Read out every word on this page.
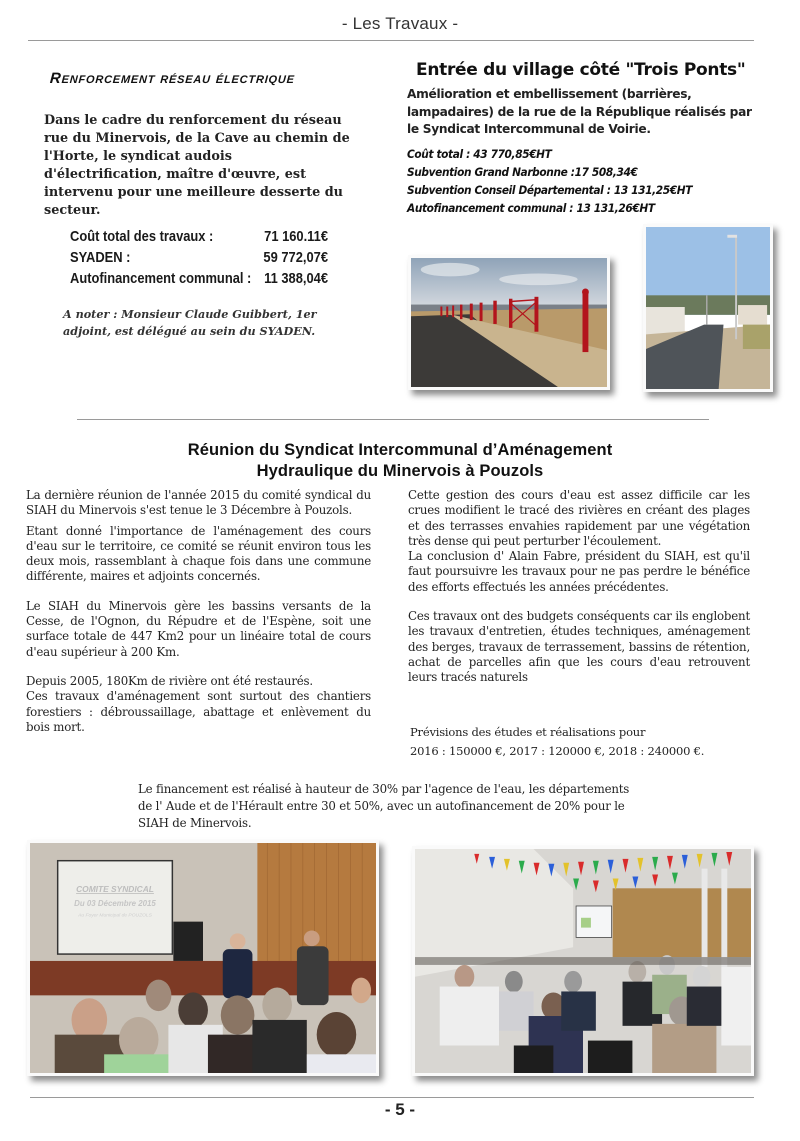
- Les Travaux -
Renforcement réseau électrique
Dans le cadre du renforcement du réseau rue du Minervois, de la Cave au chemin de l'Horte, le syndicat audois d'électrification, maître d'œuvre, est intervenu pour une meilleure desserte du secteur.
Coût total des travaux :	71 160.11€
SYADEN :	59 772,07€
Autofinancement communal : 11 388,04€
A noter : Monsieur Claude Guibbert, 1er adjoint, est délégué au sein du SYADEN.
Entrée du village côté "Trois Ponts"
Amélioration et embellissement (barrières, lampadaires) de la rue de la République réalisés par le Syndicat Intercommunal de Voirie.
Coût total : 43 770,85€HT
Subvention Grand Narbonne :17 508,34€
Subvention Conseil Départemental : 13 131,25€HT
Autofinancement communal : 13 131,26€HT
Réunion du Syndicat Intercommunal d’Aménagement
Hydraulique du Minervois à Pouzols

La dernière réunion de l'année 2015 du comité syndical du SIAH du Minervois s'est tenue le 3 Décembre à Pouzols.

Etant donné l'importance de l'aménagement des cours d'eau sur le territoire, ce comité se réunit environ tous les deux mois, rassemblant à chaque fois dans une commune différente, maires et adjoints concernés.

Le SIAH du Minervois gère les bassins versants de la Cesse, de l'Ognon, du Répudre et de l'Espène, soit une surface totale de 447 Km2 pour un linéaire total de cours d'eau supérieur à 200 Km.

Depuis 2005, 180Km de rivière ont été restaurés.

Ces travaux d'aménagement sont surtout des chantiers forestiers : débroussaillage, abattage et enlèvement du bois mort.

Cette gestion des cours d'eau est assez difficile car les crues modifient le tracé des rivières en créant des plages et des terrasses envahies rapidement par une végétation très dense qui peut perturber l'écoulement.

La conclusion d' Alain Fabre, président du SIAH, est qu'il faut poursuivre les travaux pour ne pas perdre le bénéfice des efforts effectués les années précédentes.

Ces travaux ont des budgets conséquents car ils englobent les travaux d'entretien, études techniques, aménagement des berges, travaux de terrassement, bassins de rétention, achat de parcelles afin que les cours d'eau retrouvent leurs tracés naturels

Prévisions des études et réalisations pour
2016 : 150000 €, 2017 : 120000 €, 2018 : 240000 €.
Le financement est réalisé à hauteur de 30% par l'agence de l'eau, les départements de l' Aude et de l'Hérault entre 30 et 50%, avec un autofinancement de 20% pour le SIAH de Minervois.
COMITE SYNDICAL
Du 03 Décembre 2015
Au Foyer Municipal de POUZOLS
- 5 -
